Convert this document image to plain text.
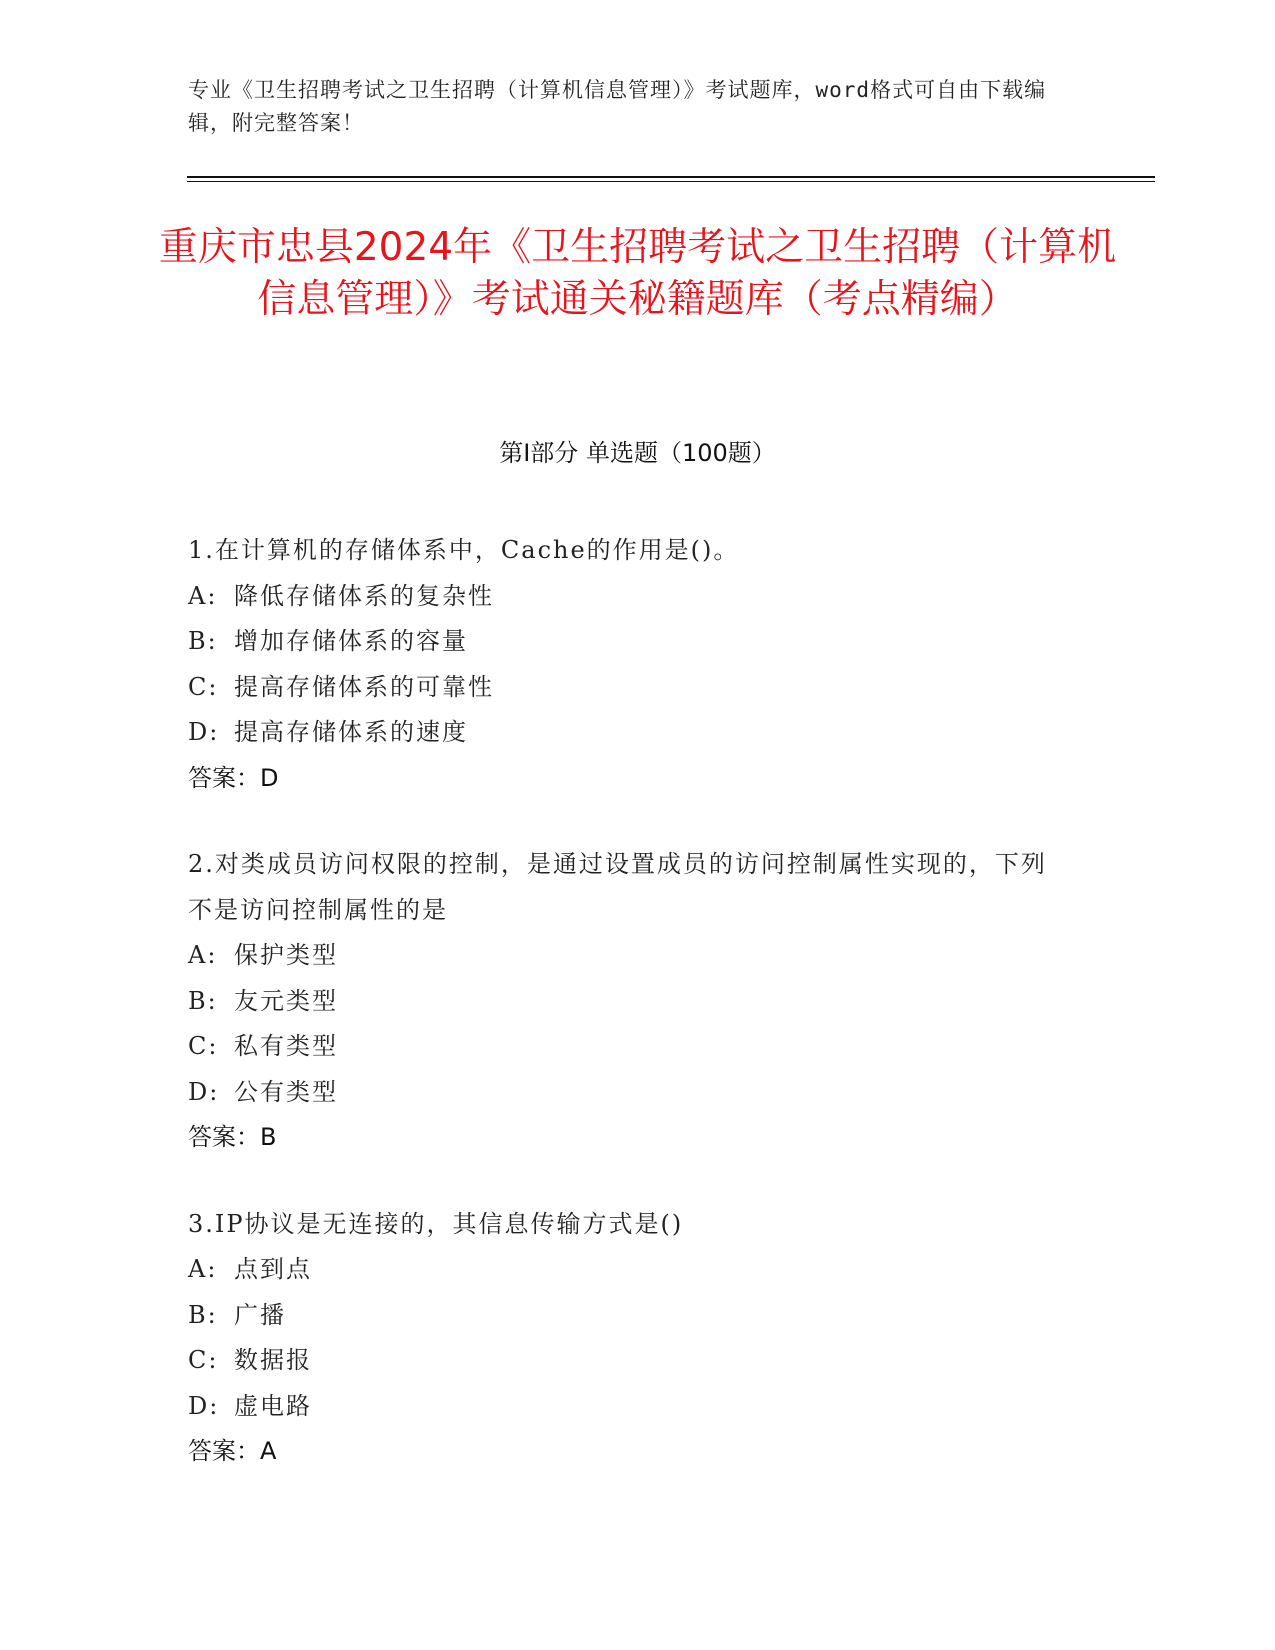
专业《卫生招聘考试之卫生招聘（计算机信息管理）》考试题库，word格式可自由下载编辑，附完整答案！
重庆市忠县2024年《卫生招聘考试之卫生招聘（计算机信息管理）》考试通关秘籍题库（考点精编）
第I部分 单选题（100题）
1.在计算机的存储体系中，Cache的作用是()。
A: 降低存储体系的复杂性
B: 增加存储体系的容量
C: 提高存储体系的可靠性
D: 提高存储体系的速度
答案：D
2.对类成员访问权限的控制，是通过设置成员的访问控制属性实现的，下列不是访问控制属性的是
A: 保护类型
B: 友元类型
C: 私有类型
D: 公有类型
答案：B
3.IP协议是无连接的，其信息传输方式是()
A: 点到点
B: 广播
C: 数据报
D: 虚电路
答案：A
